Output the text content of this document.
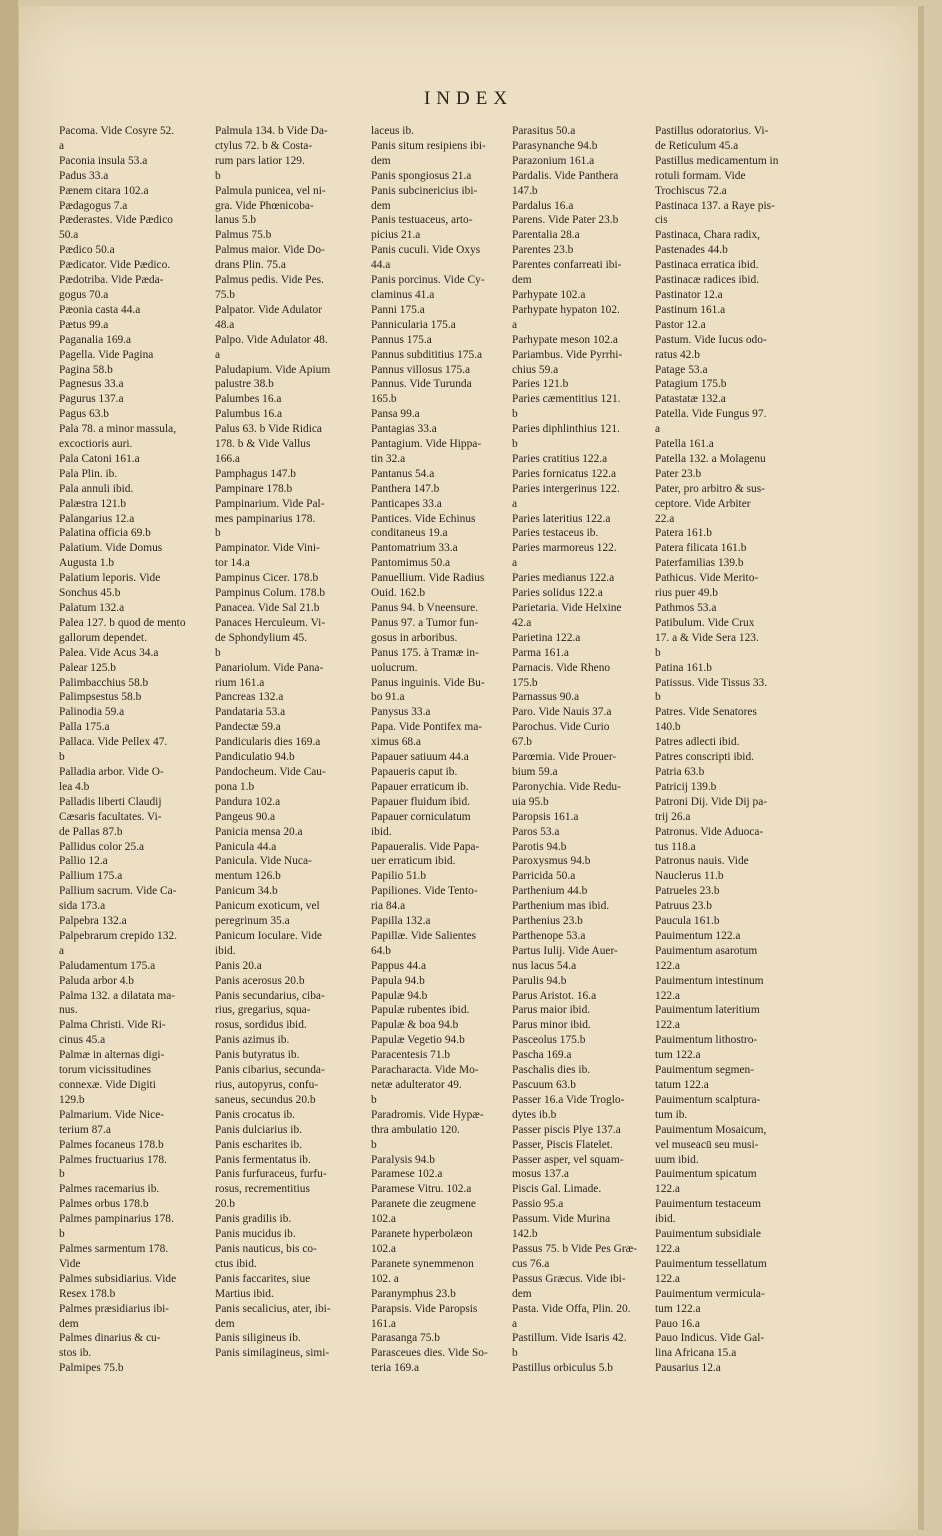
INDEX
Pacoma. Vide Cosyre 52.
a
Paconia insula 53.a
Padus 33.a
Pænem citara 102.a
Pædagogus 7.a
Pæderastes. Vide Pædico
50.a
Pædico 50.a
Pædicator. Vide Pædico.
Pædotriba. Vide Pæda-
gogus 70.a
Pæonia casta 44.a
Pætus 99.a
Paganalia 169.a
Pagella. Vide Pagina
Pagina 58.b
Pagnesus 33.a
Pagurus 137.a
Pagus 63.b
Pala 78. a minor massula,
excoctioris auri.
Pala Catoni 161.a
Pala Plin. ib.
Pala annuli ibid.
Palæstra 121.b
Palangarius 12.a
Palatina officia 69.b
Palatium. Vide Domus
Augusta 1.b
Palatium leporis. Vide
Sonchus 45.b
Palatum 132.a
Palea 127. b quod de mento
gallorum dependet.
Palea. Vide Acus 34.a
Palear 125.b
Palimbacchius 58.b
Palimpsestus 58.b
Palinodia 59.a
Palla 175.a
Pallaca. Vide Pellex 47.
b
Palladia arbor. Vide O-
lea 4.b
Palladis liberti Claudij
Cæsaris facultates. Vi-
de Pallas 87.b
Pallidus color 25.a
Pallio 12.a
Pallium 175.a
Pallium sacrum. Vide Ca-
sida 173.a
Palpebra 132.a
Palpebrarum crepido 132.
a
Paludamentum 175.a
Paluda arbor 4.b
Palma 132. a dilatata ma-
nus.
Palma Christi. Vide Ri-
cinus 45.a
Palmæ in alternas digi-
torum vicissitudines
connexæ. Vide Digiti
129.b
Palmarium. Vide Nice-
terium 87.a
Palmes focaneus 178.b
Palmes fructuarius 178.
b
Palmes racemarius ib.
Palmes orbus 178.b
Palmes pampinarius 178.
b
Palmes sarmentum 178.
Vide
Palmes subsidiarius. Vide
Resex 178.b
Palmes præsidiarius ibi-
dem
Palmes dinarius & cu-
stos ib.
Palmipes 75.b
Palmula 134. b Vide Da-
ctylus 72. b & Costa-
rum pars latior 129.
b
Palmula punicea, vel ni-
gra. Vide Phœnicoba-
lanus 5.b
Palmus 75.b
Palmus maior. Vide Do-
drans Plin. 75.a
Palmus pedis. Vide Pes.
75.b
Palpator. Vide Adulator
48.a
Palpo. Vide Adulator 48.
a
Paludapium. Vide Apium
palustre 38.b
Palumbes 16.a
Palumbus 16.a
Palus 63. b Vide Ridica
178. b & Vide Vallus
166.a
Pamphagus 147.b
Pampinare 178.b
Pampinarium. Vide Pal-
mes pampinarius 178.
b
Pampinator. Vide Vini-
tor 14.a
Pampinus Cicer. 178.b
Pampinus Colum. 178.b
Panacea. Vide Sal 21.b
Panaces Herculeum. Vi-
de Sphondylium 45.
b
Panariolum. Vide Pana-
rium 161.a
Pancreas 132.a
Pandataria 53.a
Pandectæ 59.a
Pandicularis dies 169.a
Pandiculatio 94.b
Pandocheum. Vide Cau-
pona 1.b
Pandura 102.a
Pangeus 90.a
Panicia mensa 20.a
Panicula 44.a
Panicula. Vide Nuca-
mentum 126.b
Panicum 34.b
Panicum exoticum, vel
peregrinum 35.a
Panicum Ioculare. Vide
ibid.
Panis 20.a
Panis acerosus 20.b
Panis secundarius, ciba-
rius, gregarius, squa-
rosus, sordidus ibid.
Panis azimus ib.
Panis butyratus ib.
Panis cibarius, secunda-
rius, autopyrus, confu-
saneus, secundus 20.b
Panis crocatus ib.
Panis dulciarius ib.
Panis escharites ib.
Panis fermentatus ib.
Panis furfuraceus, furfu-
rosus, recrementitius
20.b
Panis gradilis ib.
Panis mucidus ib.
Panis nauticus, bis co-
ctus ibid.
Panis faccarites, siue
Martius ibid.
Panis secalicius, ater, ibi-
dem
Panis siligineus ib.
Panis similagineus, simi-
laceus ib.
Panis situm resipiens ibi-
dem
Panis spongiosus 21.a
Panis subcinericius ibi-
dem
Panis testuaceus, arto-
picius 21.a
Panis cuculi. Vide Oxys
44.a
Panis porcinus. Vide Cy-
claminus 41.a
Panni 175.a
Pannicularia 175.a
Pannus 175.a
Pannus subdititius 175.a
Pannus villosus 175.a
Pannus. Vide Turunda
165.b
Pansa 99.a
Pantagias 33.a
Pantagium. Vide Hippa-
tin 32.a
Pantanus 54.a
Panthera 147.b
Panticapes 33.a
Pantices. Vide Echinus
conditaneus 19.a
Pantomatrium 33.a
Pantomimus 50.a
Panuellium. Vide Radius
Ouid. 162.b
Panus 94. b Vneensure.
Panus 97. a Tumor fun-
gosus in arboribus.
Panus 175. à Tramæ in-
uolucrum.
Panus inguinis. Vide Bu-
bo 91.a
Panysus 33.a
Papa. Vide Pontifex ma-
ximus 68.a
Papauer satiuum 44.a
Papaueris caput ib.
Papauer erraticum ib.
Papauer fluidum ibid.
Papauer corniculatum
ibid.
Papaueralis. Vide Papa-
uer erraticum ibid.
Papilio 51.b
Papiliones. Vide Tento-
ria 84.a
Papilla 132.a
Papillæ. Vide Salientes
64.b
Pappus 44.a
Papula 94.b
Papulæ 94.b
Papulæ rubentes ibid.
Papulæ & boa 94.b
Papulæ Vegetio 94.b
Paracentesis 71.b
Paracharacta. Vide Mo-
netæ adulterator 49.
b
Paradromis. Vide Hypæ-
thra ambulatio 120.
b
Paralysis 94.b
Paramese 102.a
Paramese Vitru. 102.a
Paranete die zeugmene
102.a
Paranete hyperbolæon
102.a
Paranete synemmenon
102. a
Paranymphus 23.b
Parapsis. Vide Paropsis
161.a
Parasanga 75.b
Parasceues dies. Vide So-
teria 169.a
Parasitus 50.a
Parasynanche 94.b
Parazonium 161.a
Pardalis. Vide Panthera
147.b
Pardalus 16.a
Parens. Vide Pater 23.b
Parentalia 28.a
Parentes 23.b
Parentes confarreati ibi-
dem
Parhypate 102.a
Parhypate hypaton 102.
a
Parhypate meson 102.a
Pariambus. Vide Pyrrhi-
chius 59.a
Paries 121.b
Paries cæmentitius 121.
b
Paries diphlinthius 121.
b
Paries cratitius 122.a
Paries fornicatus 122.a
Paries intergerinus 122.
a
Paries lateritius 122.a
Paries testaceus ib.
Paries marmoreus 122.
a
Paries medianus 122.a
Paries solidus 122.a
Parietaria. Vide Helxine
42.a
Parietina 122.a
Parma 161.a
Parnacis. Vide Rheno
175.b
Parnassus 90.a
Paro. Vide Nauis 37.a
Parochus. Vide Curio
67.b
Parœmia. Vide Prouer-
bium 59.a
Paronychia. Vide Redu-
uia 95.b
Paropsis 161.a
Paros 53.a
Parotis 94.b
Paroxysmus 94.b
Parricida 50.a
Parthenium 44.b
Parthenium mas ibid.
Parthenius 23.b
Parthenope 53.a
Partus Iulij. Vide Auer-
nus lacus 54.a
Parulis 94.b
Parus Aristot. 16.a
Parus maior ibid.
Parus minor ibid.
Pasceolus 175.b
Pascha 169.a
Paschalis dies ib.
Pascuum 63.b
Passer 16.a Vide Troglo-
dytes ib.b
Passer piscis Plye 137.a
Passer, Piscis Flatelet.
Passer asper, vel squam-
mosus 137.a
Piscis Gal. Limade.
Passio 95.a
Passum. Vide Murina
142.b
Passus 75. b Vide Pes Græ-
cus 76.a
Passus Græcus. Vide ibi-
dem
Pasta. Vide Offa, Plin. 20.
a
Pastillum. Vide Isaris 42.
b
Pastillus orbiculus 5.b
Pastillus odoratorius. Vi-
de Reticulum 45.a
Pastillus medicamentum in
rotuli formam. Vide
Trochiscus 72.a
Pastinaca 137. a Raye pis-
cis
Pastinaca, Chara radix,
Pastenades 44.b
Pastinaca erratica ibid.
Pastinacæ radices ibid.
Pastinator 12.a
Pastinum 161.a
Pastor 12.a
Pastum. Vide Iucus odo-
ratus 42.b
Patage 53.a
Patagium 175.b
Patastatæ 132.a
Patella. Vide Fungus 97.
a
Patella 161.a
Patella 132. a Molagenu
Pater 23.b
Pater, pro arbitro & sus-
ceptore. Vide Arbiter
22.a
Patera 161.b
Patera filicata 161.b
Paterfamilias 139.b
Pathicus. Vide Merito-
rius puer 49.b
Pathmos 53.a
Patibulum. Vide Crux
17. a & Vide Sera 123.
b
Patina 161.b
Patissus. Vide Tissus 33.
b
Patres. Vide Senatores
140.b
Patres adlecti ibid.
Patres conscripti ibid.
Patria 63.b
Patricij 139.b
Patroni Dij. Vide Dij pa-
trij 26.a
Patronus. Vide Aduoca-
tus 118.a
Patronus nauis. Vide
Nauclerus 11.b
Patrueles 23.b
Patruus 23.b
Paucula 161.b
Pauimentum 122.a
Pauimentum asarotum
122.a
Pauimentum intestinum
122.a
Pauimentum lateritium
122.a
Pauimentum lithostro-
tum 122.a
Pauimentum segmen-
tatum 122.a
Pauimentum scalptura-
tum ib.
Pauimentum Mosaicum,
vel museacū seu musi-
uum ibid.
Pauimentum spicatum
122.a
Pauimentum testaceum
ibid.
Pauimentum subsidiale
122.a
Pauimentum tessellatum
122.a
Pauimentum vermicula-
tum 122.a
Pauo 16.a
Pauo Indicus. Vide Gal-
lina Africana 15.a
Pausarius 12.a
